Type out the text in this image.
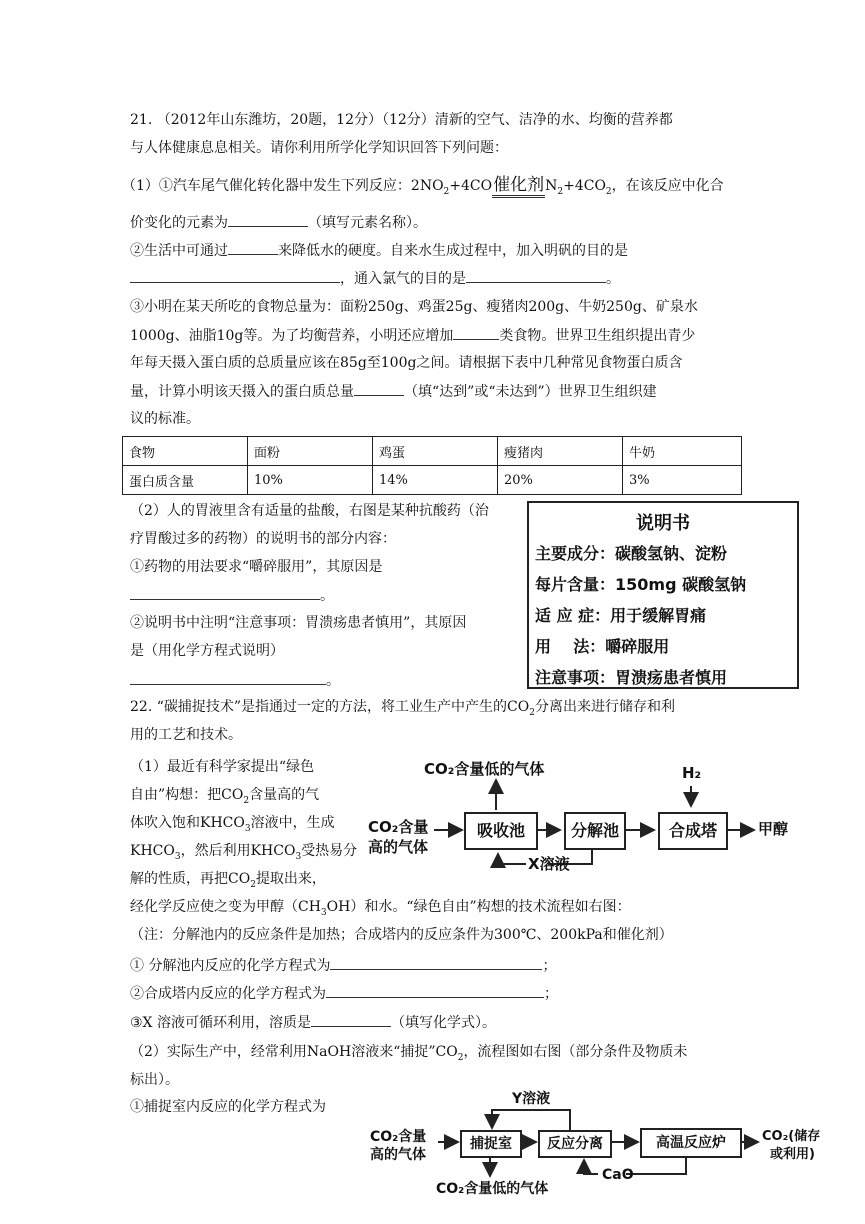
21. （2012年山东潍坊，20题，12分）（12分）清新的空气、洁净的水、均衡的营养都
与人体健康息息相关。请你利用所学化学知识回答下列问题：
（1）①汽车尾气催化转化器中发生下列反应：$2NO_2+4CO$催化剂$N_2+4CO_2$，在该反应中化合
价变化的元素为	（填写元素名称）。
②生活中可通过	来降低水的硬度。自来水生成过程中，加入明矾的目的是
，通入氯气的目的是	。
③小明在某天所吃的食物总量为：面粉250g、鸡蛋25g、瘦猪肉200g、牛奶250g、矿泉水
1000g、油脂10g等。为了均衡营养，小明还应增加	类食物。世界卫生组织提出青少
年每天摄入蛋白质的总质量应该在85g至100g之间。请根据下表中几种常见食物蛋白质含
量，计算小明该天摄入的蛋白质总量	（填“达到”或“未达到”）世界卫生组织建
议的标准。
食物	面粉	鸡蛋	瘦猪肉	牛奶
蛋白质含量	10%	14%	20%	3%
（2）人的胃液里含有适量的盐酸，右图是某种抗酸药（治
疗胃酸过多的药物）的说明书的部分内容：
①药物的用法要求“嚼碎服用”，其原因是
。
②说明书中注明“注意事项：胃溃疡患者慎用”，其原因
是（用化学方程式说明）
。
说明书
主要成分：碳酸氢钠、淀粉
每片含量：150mg 碳酸氢钠
适 应 症：用于缓解胃痛
用    法：嚼碎服用
注意事项：胃溃疡患者慎用
22. “碳捕捉技术”是指通过一定的方法，将工业生产中产生的$CO_2$分离出来进行储存和利
用的工艺和技术。
（1）最近有科学家提出“绿色
自由”构想：把$CO_2$含量高的气
体吹入饱和$KHCO_3$溶液中，生成
$KHCO_3$，然后利用$KHCO_3$受热易分
解的性质，再把$CO_2$提取出来，
经化学反应使之变为甲醇$(CH_3OH)$和水。“绿色自由”构想的技术流程如右图：
（注：分解池内的反应条件是加热；合成塔内的反应条件为300℃、200kPa和催化剂）
① 分解池内反应的化学方程式为	；
②合成塔内反应的化学方程式为	；
③X 溶液可循环利用，溶质是	（填写化学式）。
（2）实际生产中，经常利用NaOH溶液来“捕捉$”CO_2$，流程图如右图（部分条件及物质未
标出）。
①捕捉室内反应的化学方程式为
CO₂含量低的气体	H₂
CO₂含量
高的气体
吸收池	分解池	合成塔	甲醇
X溶液
Y溶液
CO₂含量
高的气体
捕捉室	反应分离	高温反应炉	CO₂(储存
或利用)
CaO
CO₂含量低的气体
